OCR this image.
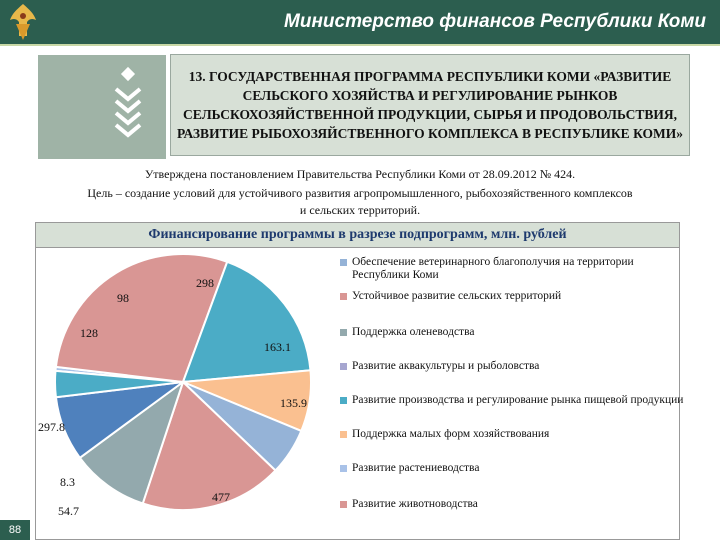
Министерство финансов Республики Коми
13. ГОСУДАРСТВЕННАЯ ПРОГРАММА РЕСПУБЛИКИ КОМИ «РАЗВИТИЕ СЕЛЬСКОГО ХОЗЯЙСТВА И РЕГУЛИРОВАНИЕ РЫНКОВ СЕЛЬСКОХОЗЯЙСТВЕННОЙ ПРОДУКЦИИ, СЫРЬЯ И ПРОДОВОЛЬСТВИЯ, РАЗВИТИЕ РЫБОХОЗЯЙСТВЕННОГО КОМПЛЕКСА В РЕСПУБЛИКЕ КОМИ»
Утверждена постановлением Правительства Республики Коми от 28.09.2012 № 424.
Цель – создание условий для устойчивого развития агропромышленного, рыбохозяйственного комплексов
и сельских территорий.
Финансирование программы в разрезе подпрограмм, млн. рублей
8.3
477
297.8
128
98
298
163.1
135.9
54.7
Обеспечение ветеринарного благополучия на территории Республики Коми
Устойчивое развитие сельских территорий
Поддержка оленеводства
Развитие аквакультуры и рыболовства
Развитие производства и регулирование рынка пищевой продукции
Поддержка малых форм хозяйствования
Развитие растениеводства
Развитие животноводства
88
